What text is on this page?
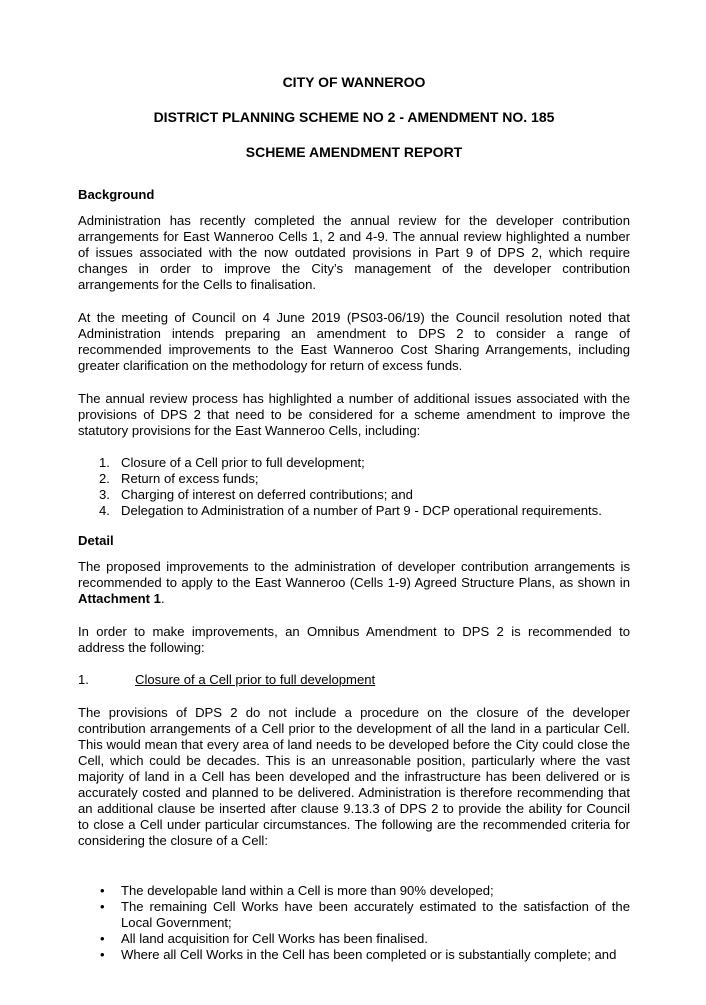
CITY OF WANNEROO

DISTRICT PLANNING SCHEME NO 2 - AMENDMENT NO. 185

SCHEME AMENDMENT REPORT

Background

Administration has recently completed the annual review for the developer contribution arrangements for East Wanneroo Cells 1, 2 and 4-9. The annual review highlighted a number of issues associated with the now outdated provisions in Part 9 of DPS 2, which require changes in order to improve the City’s management of the developer contribution arrangements for the Cells to finalisation.

At the meeting of Council on 4 June 2019 (PS03-06/19) the Council resolution noted that Administration intends preparing an amendment to DPS 2 to consider a range of recommended improvements to the East Wanneroo Cost Sharing Arrangements, including greater clarification on the methodology for return of excess funds.

The annual review process has highlighted a number of additional issues associated with the provisions of DPS 2 that need to be considered for a scheme amendment to improve the statutory provisions for the East Wanneroo Cells, including:

1. Closure of a Cell prior to full development;
2. Return of excess funds;
3. Charging of interest on deferred contributions; and
4. Delegation to Administration of a number of Part 9 - DCP operational requirements.

Detail

The proposed improvements to the administration of developer contribution arrangements is recommended to apply to the East Wanneroo (Cells 1-9) Agreed Structure Plans, as shown in Attachment 1.

In order to make improvements, an Omnibus Amendment to DPS 2 is recommended to address the following:

1.	Closure of a Cell prior to full development

The provisions of DPS 2 do not include a procedure on the closure of the developer contribution arrangements of a Cell prior to the development of all the land in a particular Cell. This would mean that every area of land needs to be developed before the City could close the Cell, which could be decades. This is an unreasonable position, particularly where the vast majority of land in a Cell has been developed and the infrastructure has been delivered or is accurately costed and planned to be delivered. Administration is therefore recommending that an additional clause be inserted after clause 9.13.3 of DPS 2 to provide the ability for Council to close a Cell under particular circumstances. The following are the recommended criteria for considering the closure of a Cell:

• The developable land within a Cell is more than 90% developed;
• The remaining Cell Works have been accurately estimated to the satisfaction of the Local Government;
• All land acquisition for Cell Works has been finalised.
• Where all Cell Works in the Cell has been completed or is substantially complete; and
